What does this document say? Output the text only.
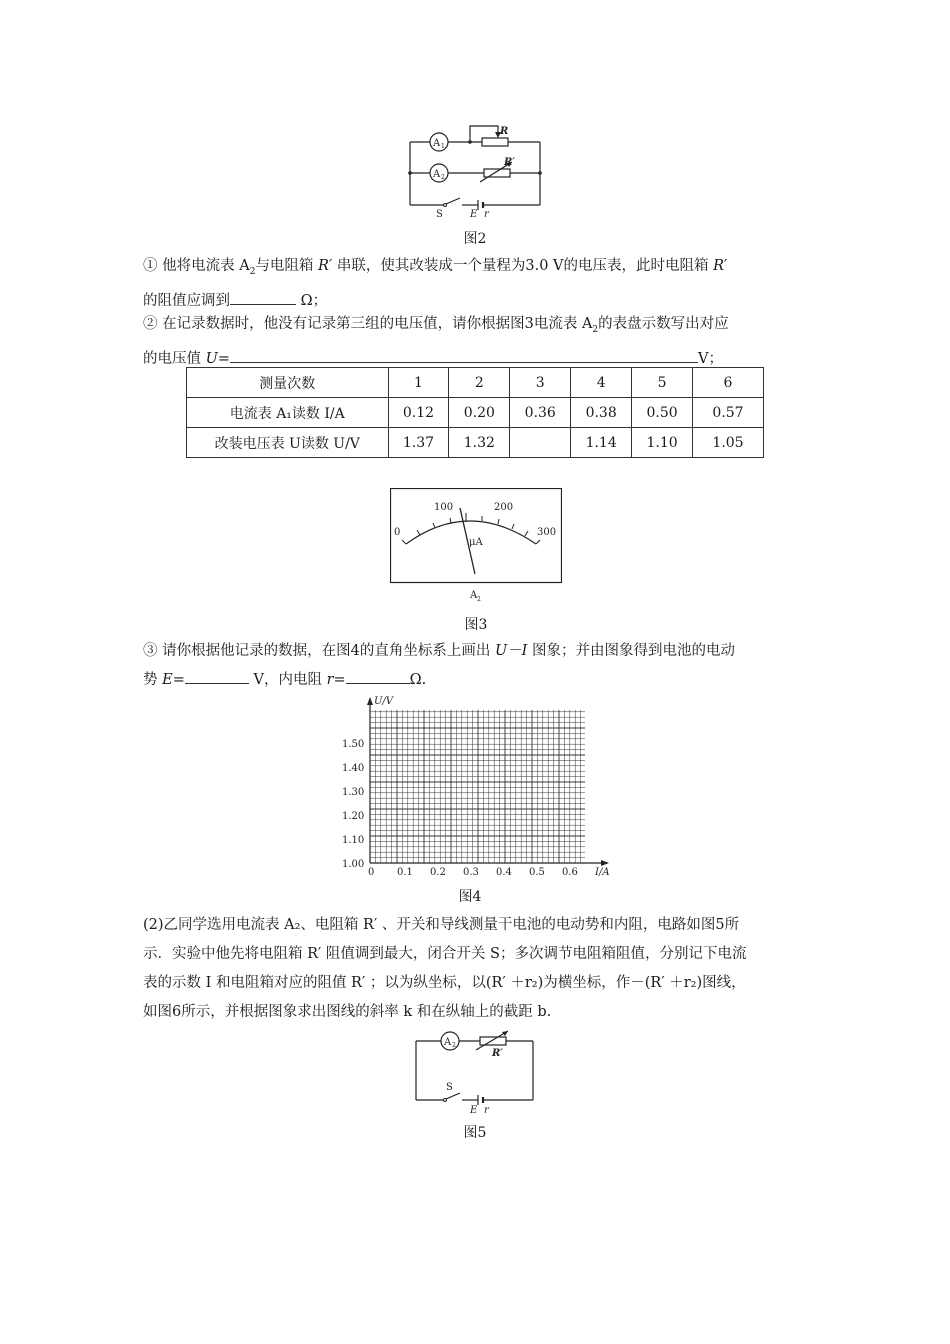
A 1
A 2
R
R′
S	E r
图2
① 他将电流表 $A_2$与电阻箱 R′ 串联，使其改装成一个量程为3.0 V的电压表，此时电阻箱 R′
的阻值应调到	Ω；
② 在记录数据时，他没有记录第三组的电压值，请你根据图3电流表 $A_2$的表盘示数写出对应
的电压值 U=	V；
测量次数	1	2	3	4	5	6
电流表 A₁读数 I/A	0.12	0.20	0.36	0.38	0.50	0.57
改装电压表 U读数 U/V	1.37	1.32		1.14	1.10	1.05
0
100	200
300
μA
A 2
图3
③ 请你根据他记录的数据，在图4的直角坐标系上画出 U－I 图象；并由图象得到电池的电动
势 E=	V，内电阻 r=	Ω.
0 0.1 0.2 0.3 0.4 0.5 0.6
1.00
1.10
1.20
1.30
1.40
1.50
U/V
I/A
图4
(2)乙同学选用电流表 A₂、电阻箱 R′ 、开关和导线测量干电池的电动势和内阻，电路如图5所
示．实验中他先将电阻箱 R′ 阻值调到最大，闭合开关 S；多次调节电阻箱阻值，分别记下电流
表的示数 I 和电阻箱对应的阻值 R′ ；以为纵坐标，以(R′ ＋r₂)为横坐标，作－(R′ ＋r₂)图线，
如图6所示，并根据图象求出图线的斜率 k 和在纵轴上的截距 b.
A 2
R′
S
E r
图5
